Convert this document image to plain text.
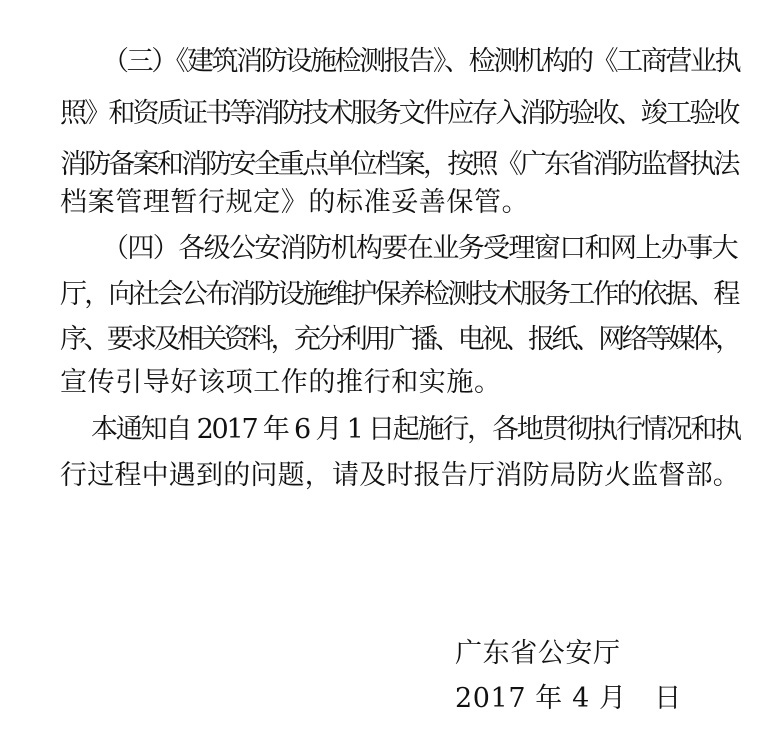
（三）《建筑消防设施检测报告》、检测机构的《工商营业执
照》和资质证书等消防技术服务文件应存入消防验收、竣工验收
消防备案和消防安全重点单位档案，按照《广东省消防监督执法
档案管理暂行规定》的标准妥善保管。
（四）各级公安消防机构要在业务受理窗口和网上办事大
厅，向社会公布消防设施维护保养检测技术服务工作的依据、程
序、要求及相关资料，充分利用广播、电视、报纸、网络等媒体，
宣传引导好该项工作的推行和实施。
本通知自 2017 年 6 月 1 日起施行，各地贯彻执行情况和执
行过程中遇到的问题，请及时报告厅消防局防火监督部。
广东省公安厅
2017 年 4 月　日
